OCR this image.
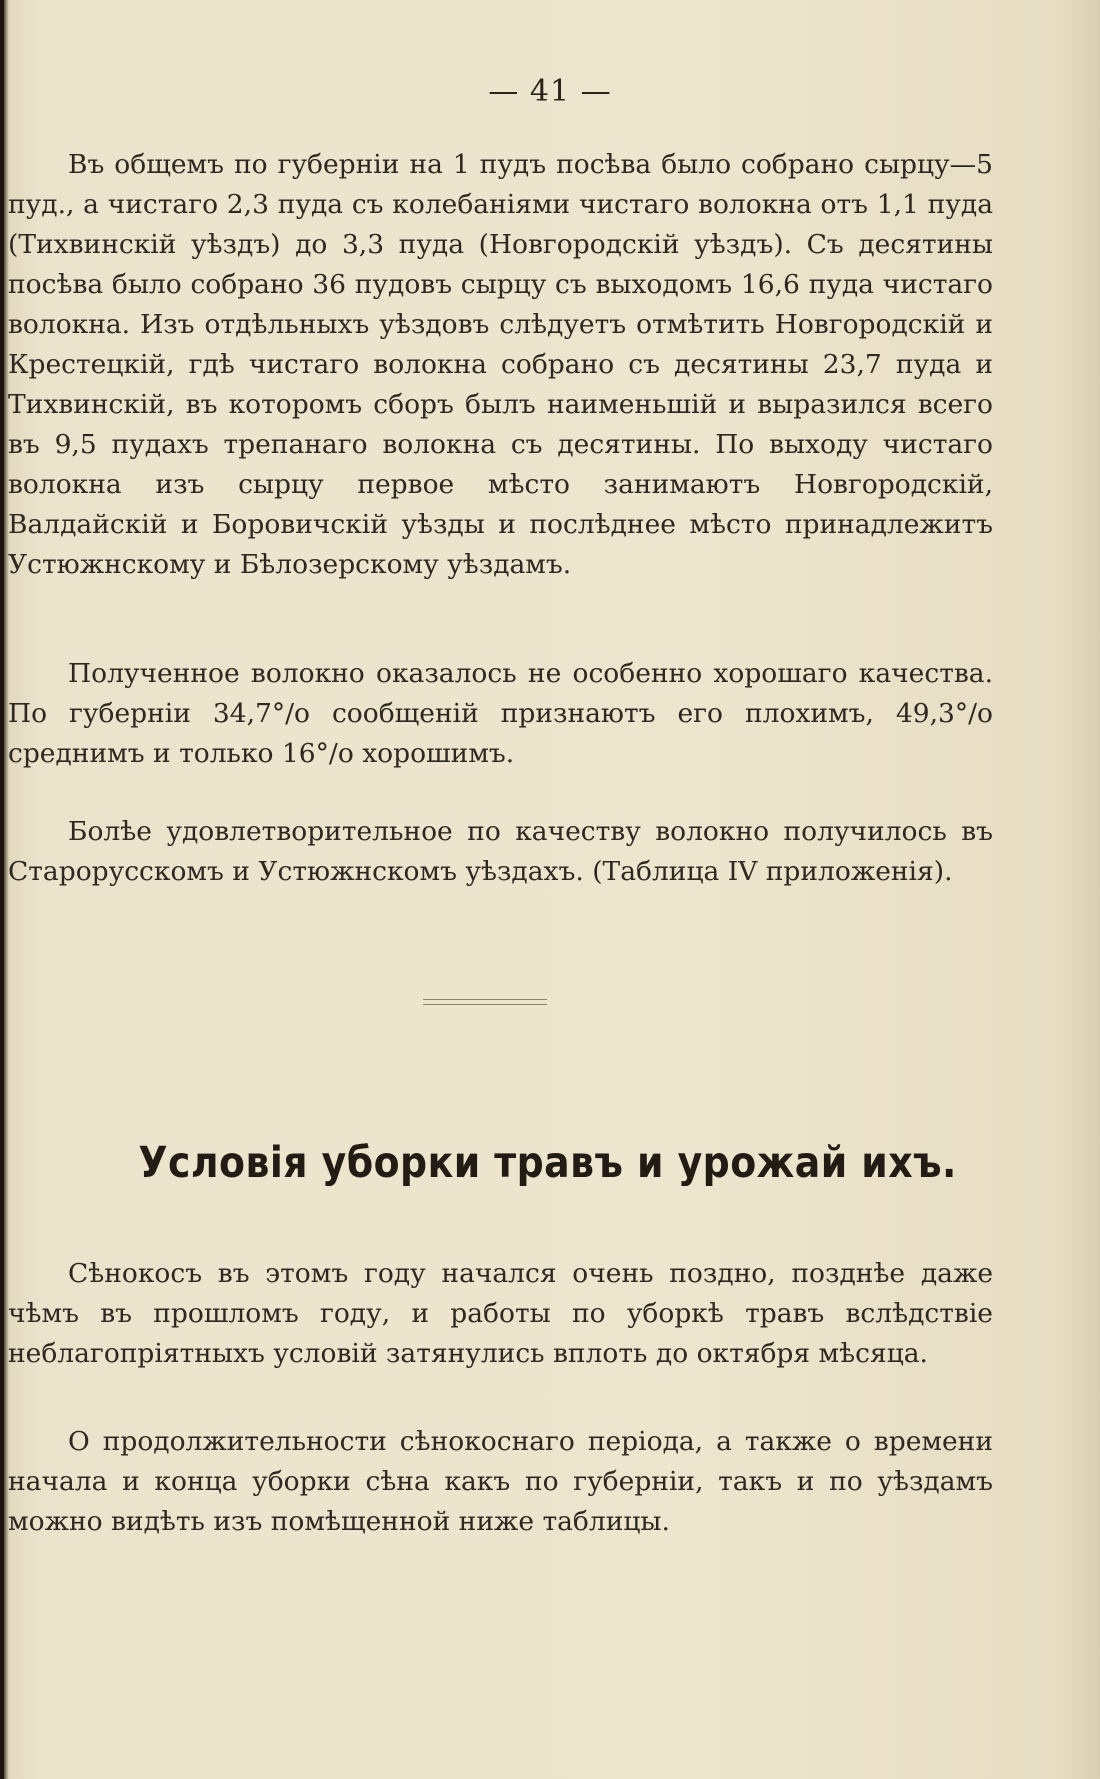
— 41 —

Въ общемъ по губерніи на 1 пудъ посѣва было собрано сырцу—5 пуд., а чистаго 2,3 пуда съ колебаніями чистаго волокна отъ 1,1 пуда (Тихвинскій уѣздъ) до 3,3 пуда (Новгородскій уѣздъ). Съ десятины посѣва было собрано 36 пудовъ сырцу съ выходомъ 16,6 пуда чистаго волокна. Изъ отдѣльныхъ уѣздовъ слѣдуетъ отмѣтить Новгородскій и Крестецкій, гдѣ чистаго волокна собрано съ десятины 23,7 пуда и Тихвинскій, въ которомъ сборъ былъ наименьшій и выразился всего въ 9,5 пудахъ трепанаго волокна съ десятины. По выходу чистаго волокна изъ сырцу первое мѣсто занимаютъ Новгородскій, Валдайскій и Боровичскій уѣзды и послѣднее мѣсто принадлежитъ Устюжнскому и Бѣлозерскому уѣздамъ.

Полученное волокно оказалось не особенно хорошаго качества. По губерніи 34,7°/о сообщеній признаютъ его плохимъ, 49,3°/о среднимъ и только 16°/о хорошимъ.

Болѣе удовлетворительное по качеству волокно получилось въ Старорусскомъ и Устюжнскомъ уѣздахъ. (Таблица IV приложенія).

Условія уборки травъ и урожай ихъ.

Сѣнокосъ въ этомъ году начался очень поздно, позднѣе даже чѣмъ въ прошломъ году, и работы по уборкѣ травъ вслѣдствіе неблагопріятныхъ условій затянулись вплоть до октября мѣсяца.

О продолжительности сѣнокоснаго періода, а также о времени начала и конца уборки сѣна какъ по губерніи, такъ и по уѣздамъ можно видѣть изъ помѣщенной ниже таблицы.
